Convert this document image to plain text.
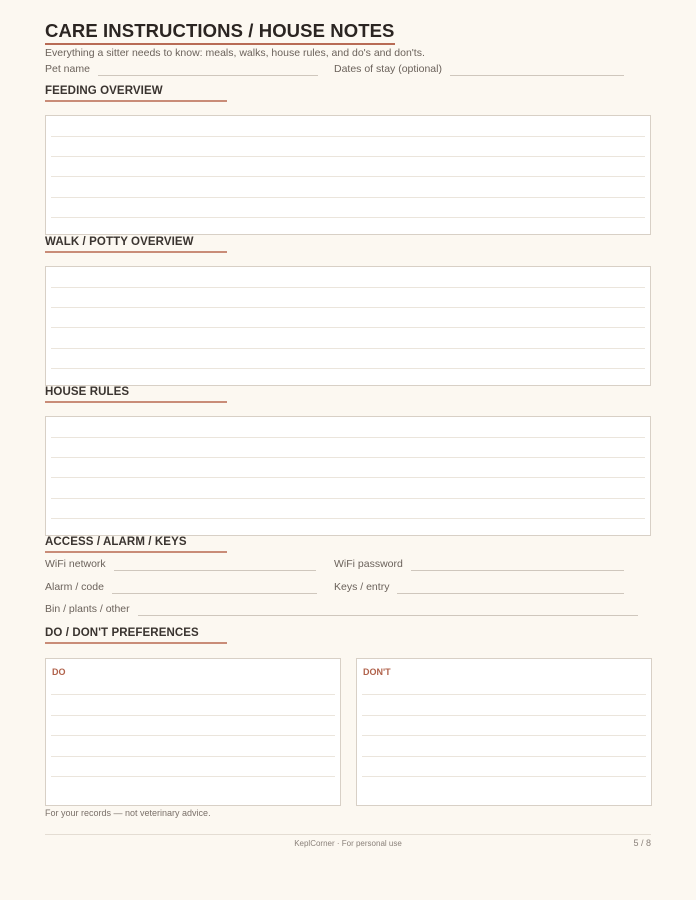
CARE INSTRUCTIONS / HOUSE NOTES
Everything a sitter needs to know: meals, walks, house rules, and do's and don'ts.
Pet name	Dates of stay (optional)
FEEDING OVERVIEW
WALK / POTTY OVERVIEW
HOUSE RULES
ACCESS / ALARM / KEYS
WiFi network	WiFi password
Alarm / code	Keys / entry
Bin / plants / other
DO / DON'T PREFERENCES
DO	DON'T
For your records — not veterinary advice.
KeplCorner · For personal use	5 / 8
